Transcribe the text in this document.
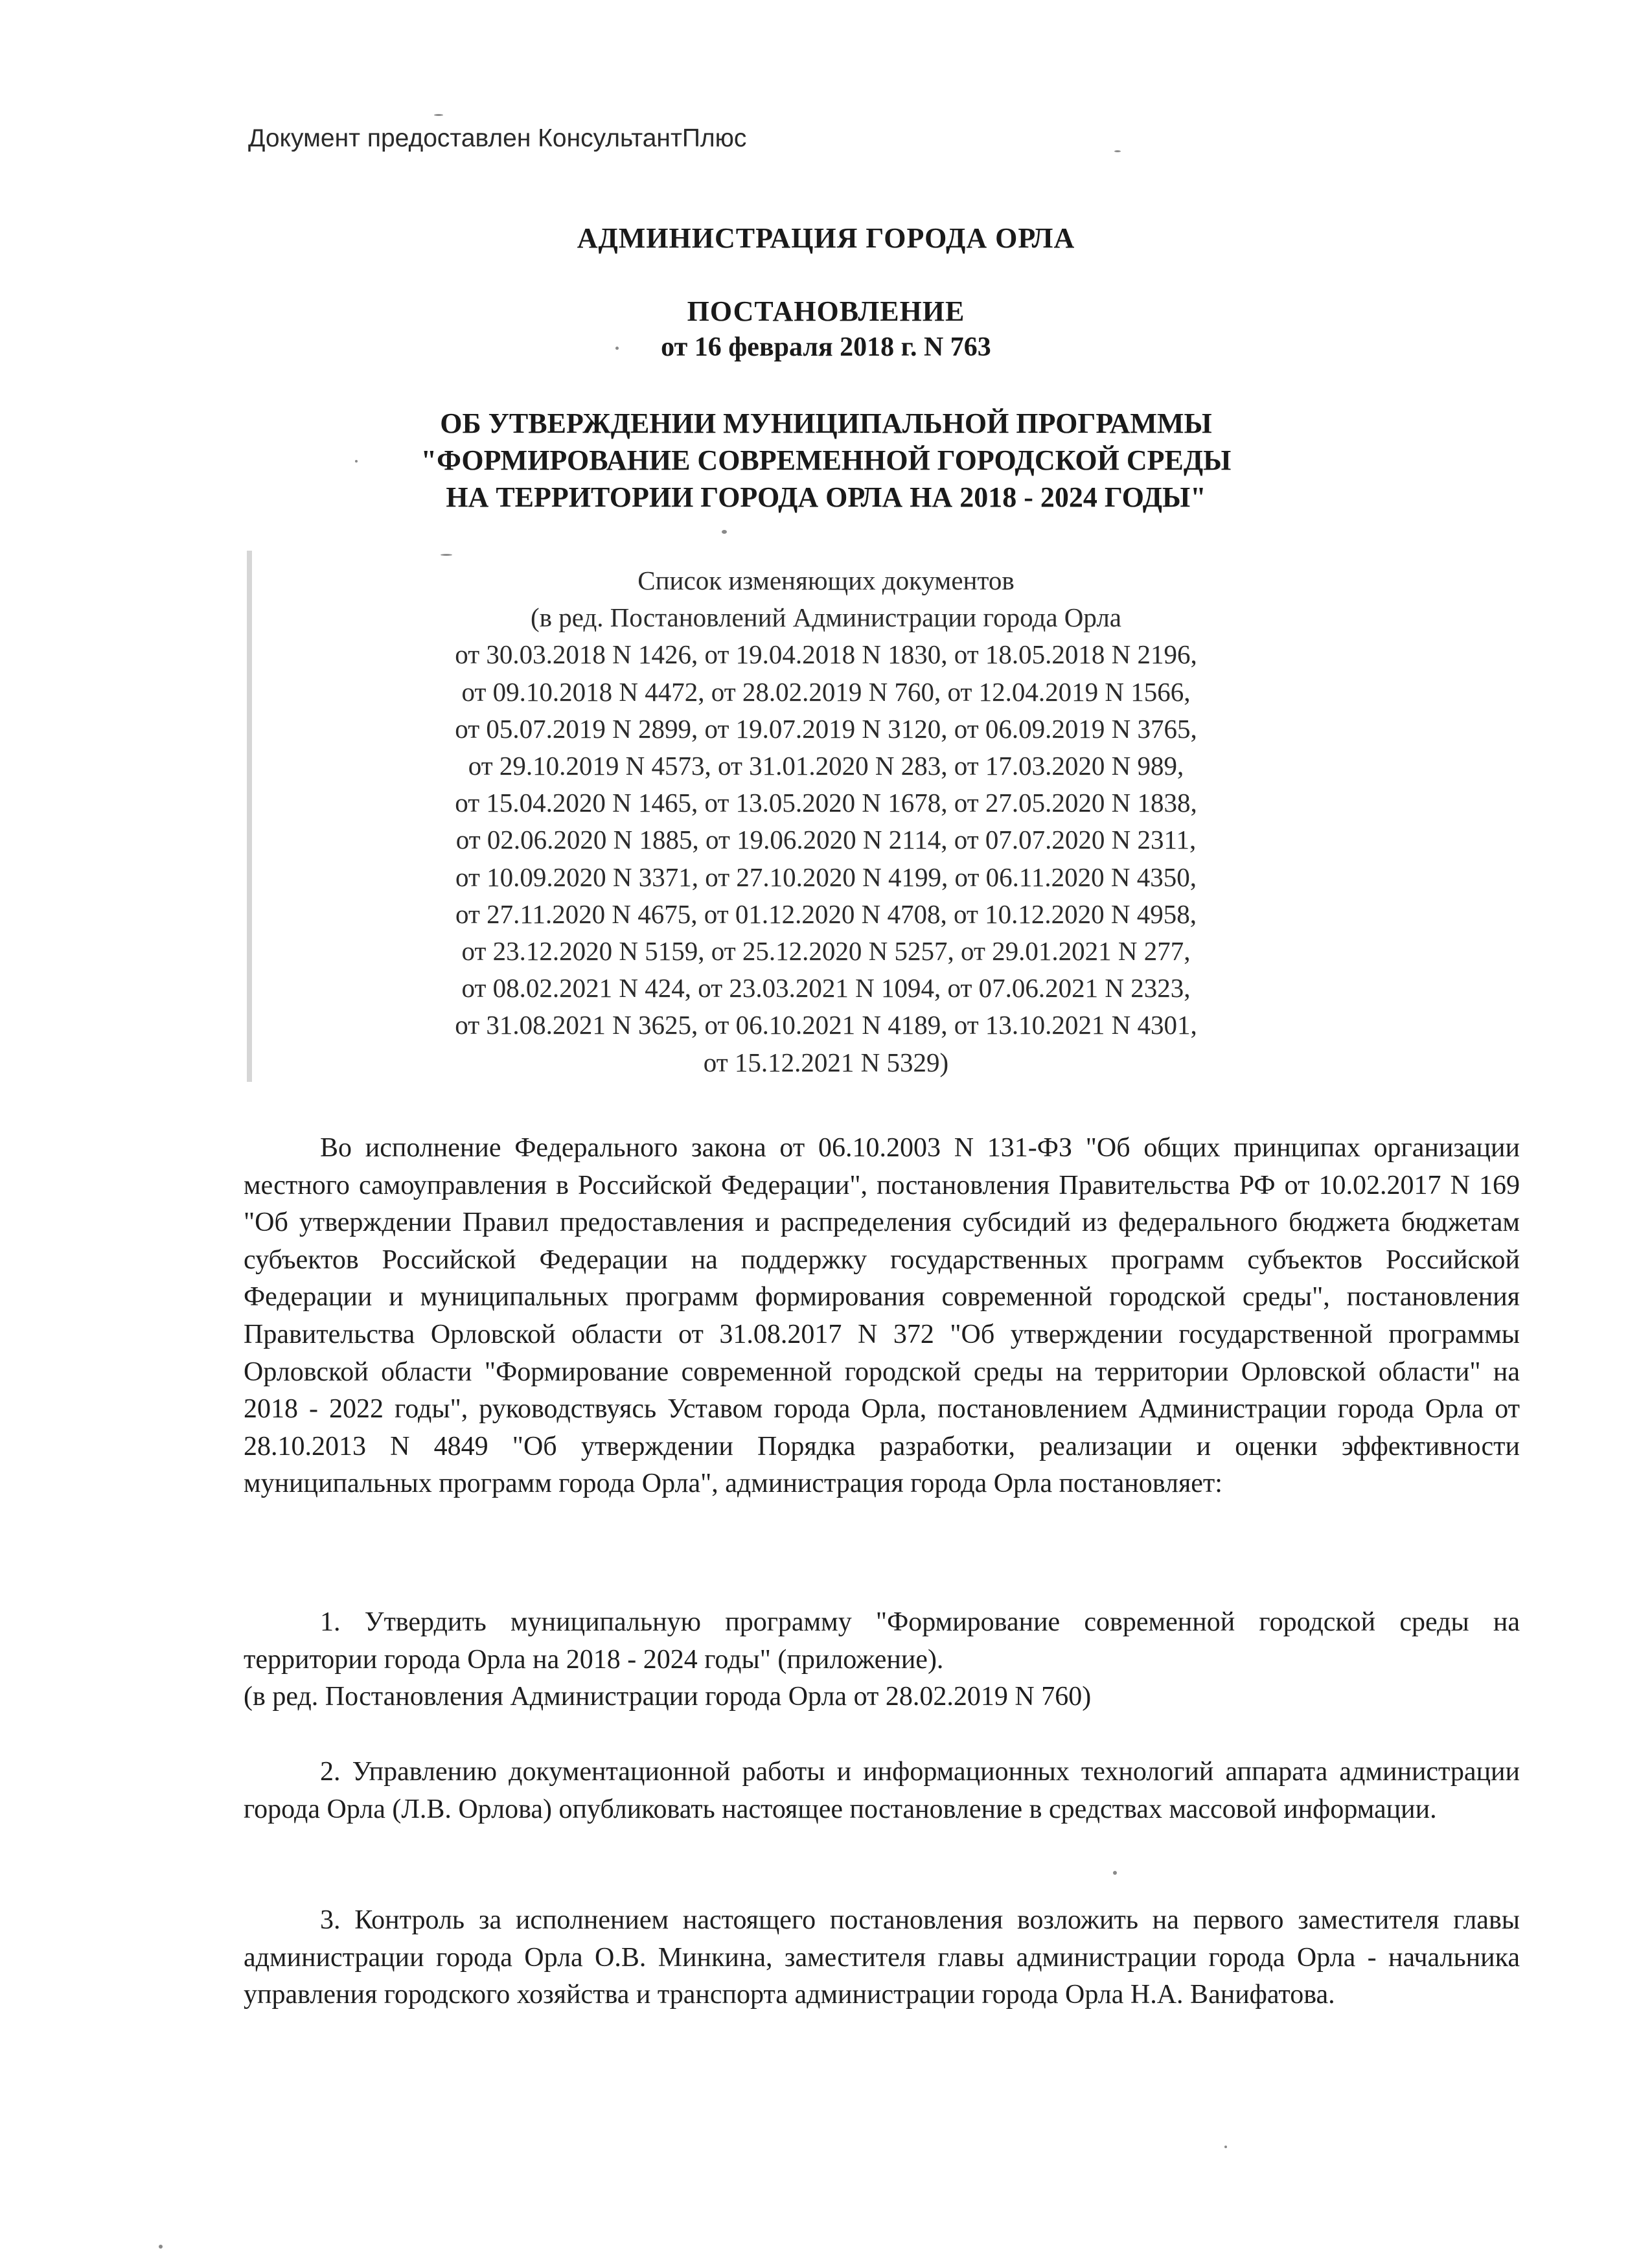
Документ предоставлен КонсультантПлюс
АДМИНИСТРАЦИЯ ГОРОДА ОРЛА
ПОСТАНОВЛЕНИЕ
от 16 февраля 2018 г. N 763
ОБ УТВЕРЖДЕНИИ МУНИЦИПАЛЬНОЙ ПРОГРАММЫ
"ФОРМИРОВАНИЕ СОВРЕМЕННОЙ ГОРОДСКОЙ СРЕДЫ
НА ТЕРРИТОРИИ ГОРОДА ОРЛА НА 2018 - 2024 ГОДЫ"
Список изменяющих документов
(в ред. Постановлений Администрации города Орла
от 30.03.2018 N 1426, от 19.04.2018 N 1830, от 18.05.2018 N 2196,
от 09.10.2018 N 4472, от 28.02.2019 N 760, от 12.04.2019 N 1566,
от 05.07.2019 N 2899, от 19.07.2019 N 3120, от 06.09.2019 N 3765,
от 29.10.2019 N 4573, от 31.01.2020 N 283, от 17.03.2020 N 989,
от 15.04.2020 N 1465, от 13.05.2020 N 1678, от 27.05.2020 N 1838,
от 02.06.2020 N 1885, от 19.06.2020 N 2114, от 07.07.2020 N 2311,
от 10.09.2020 N 3371, от 27.10.2020 N 4199, от 06.11.2020 N 4350,
от 27.11.2020 N 4675, от 01.12.2020 N 4708, от 10.12.2020 N 4958,
от 23.12.2020 N 5159, от 25.12.2020 N 5257, от 29.01.2021 N 277,
от 08.02.2021 N 424, от 23.03.2021 N 1094, от 07.06.2021 N 2323,
от 31.08.2021 N 3625, от 06.10.2021 N 4189, от 13.10.2021 N 4301,
от 15.12.2021 N 5329)
Во исполнение Федерального закона от 06.10.2003 N 131-ФЗ "Об общих принципах организации местного самоуправления в Российской Федерации", постановления Правительства РФ от 10.02.2017 N 169 "Об утверждении Правил предоставления и распределения субсидий из федерального бюджета бюджетам субъектов Российской Федерации на поддержку государственных программ субъектов Российской Федерации и муниципальных программ формирования современной городской среды", постановления Правительства Орловской области от 31.08.2017 N 372 "Об утверждении государственной программы Орловской области "Формирование современной городской среды на территории Орловской области" на 2018 - 2022 годы", руководствуясь Уставом города Орла, постановлением Администрации города Орла от 28.10.2013 N 4849 "Об утверждении Порядка разработки, реализации и оценки эффективности муниципальных программ города Орла", администрация города Орла постановляет:
1. Утвердить муниципальную программу "Формирование современной городской среды на территории города Орла на 2018 - 2024 годы" (приложение).
(в ред. Постановления Администрации города Орла от 28.02.2019 N 760)
2. Управлению документационной работы и информационных технологий аппарата администрации города Орла (Л.В. Орлова) опубликовать настоящее постановление в средствах массовой информации.
3. Контроль за исполнением настоящего постановления возложить на первого заместителя главы администрации города Орла О.В. Минкина, заместителя главы администрации города Орла - начальника управления городского хозяйства и транспорта администрации города Орла Н.А. Ванифатова.
